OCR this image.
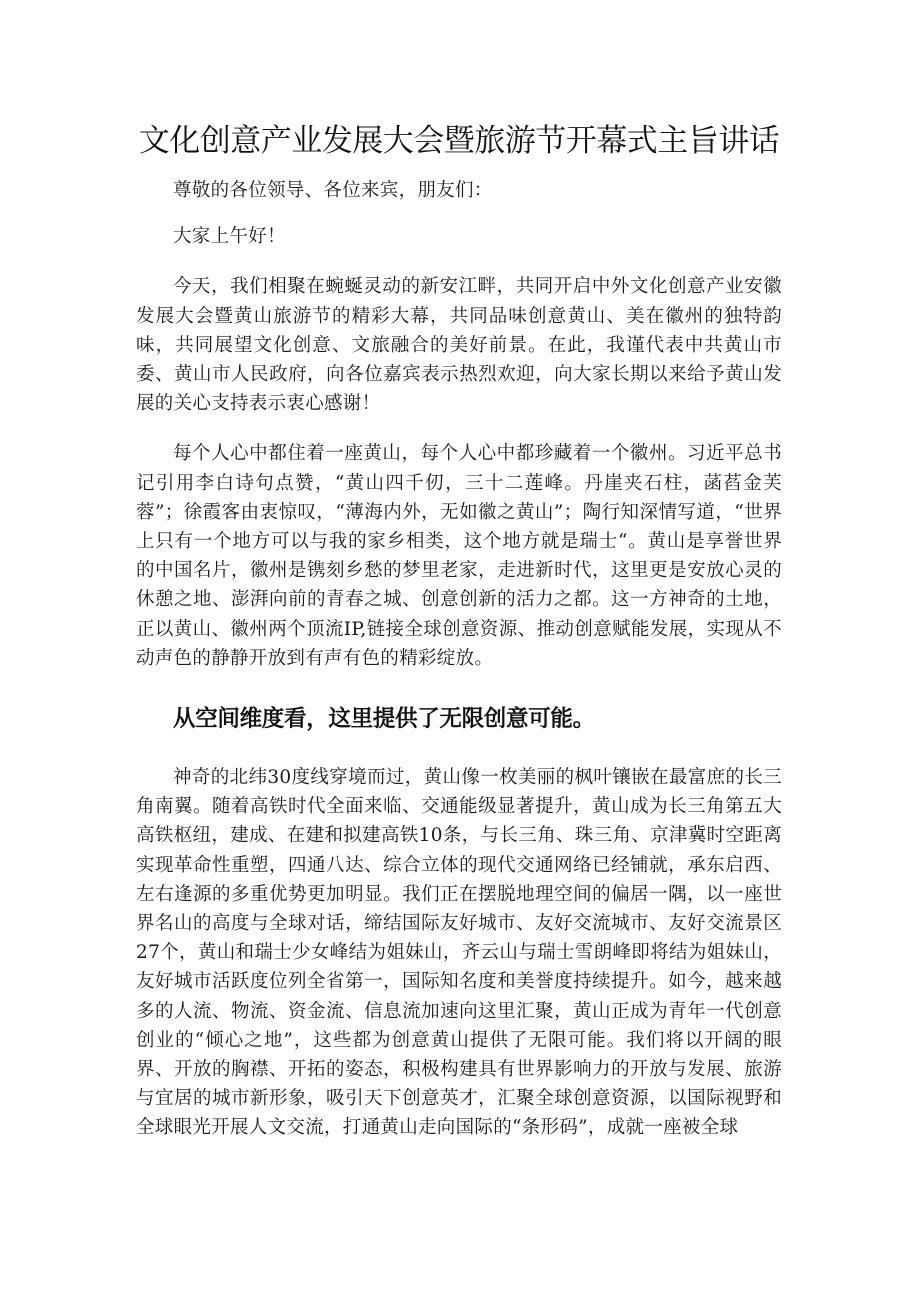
文化创意产业发展大会暨旅游节开幕式主旨讲话

尊敬的各位领导、各位来宾，朋友们：

大家上午好！

今天，我们相聚在蜿蜒灵动的新安江畔，共同开启中外文化创意产业安徽发展大会暨黄山旅游节的精彩大幕，共同品味创意黄山、美在徽州的独特韵味，共同展望文化创意、文旅融合的美好前景。在此，我谨代表中共黄山市委、黄山市人民政府，向各位嘉宾表示热烈欢迎，向大家长期以来给予黄山发展的关心支持表示衷心感谢！

每个人心中都住着一座黄山，每个人心中都珍藏着一个徽州。习近平总书记引用李白诗句点赞，“黄山四千仞，三十二莲峰。丹崖夹石柱，菡萏金芙蓉”；徐霞客由衷惊叹，“薄海内外，无如徽之黄山”；陶行知深情写道，“世界上只有一个地方可以与我的家乡相类，这个地方就是瑞士“。黄山是享誉世界的中国名片，徽州是镌刻乡愁的梦里老家，走进新时代，这里更是安放心灵的休憩之地、澎湃向前的青春之城、创意创新的活力之都。这一方神奇的土地，正以黄山、徽州两个顶流IP,链接全球创意资源、推动创意赋能发展，实现从不动声色的静静开放到有声有色的精彩绽放。

从空间维度看，这里提供了无限创意可能。

神奇的北纬30度线穿境而过，黄山像一枚美丽的枫叶镶嵌在最富庶的长三角南翼。随着高铁时代全面来临、交通能级显著提升，黄山成为长三角第五大高铁枢纽，建成、在建和拟建高铁10条，与长三角、珠三角、京津冀时空距离实现革命性重塑，四通八达、综合立体的现代交通网络已经铺就，承东启西、左右逢源的多重优势更加明显。我们正在摆脱地理空间的偏居一隅，以一座世界名山的高度与全球对话，缔结国际友好城市、友好交流城市、友好交流景区27个，黄山和瑞士少女峰结为姐妹山，齐云山与瑞士雪朗峰即将结为姐妹山，友好城市活跃度位列全省第一，国际知名度和美誉度持续提升。如今，越来越多的人流、物流、资金流、信息流加速向这里汇聚，黄山正成为青年一代创意创业的“倾心之地”，这些都为创意黄山提供了无限可能。我们将以开阔的眼界、开放的胸襟、开拓的姿态，积极构建具有世界影响力的开放与发展、旅游与宜居的城市新形象，吸引天下创意英才，汇聚全球创意资源，以国际视野和全球眼光开展人文交流，打通黄山走向国际的“条形码”，成就一座被全球
